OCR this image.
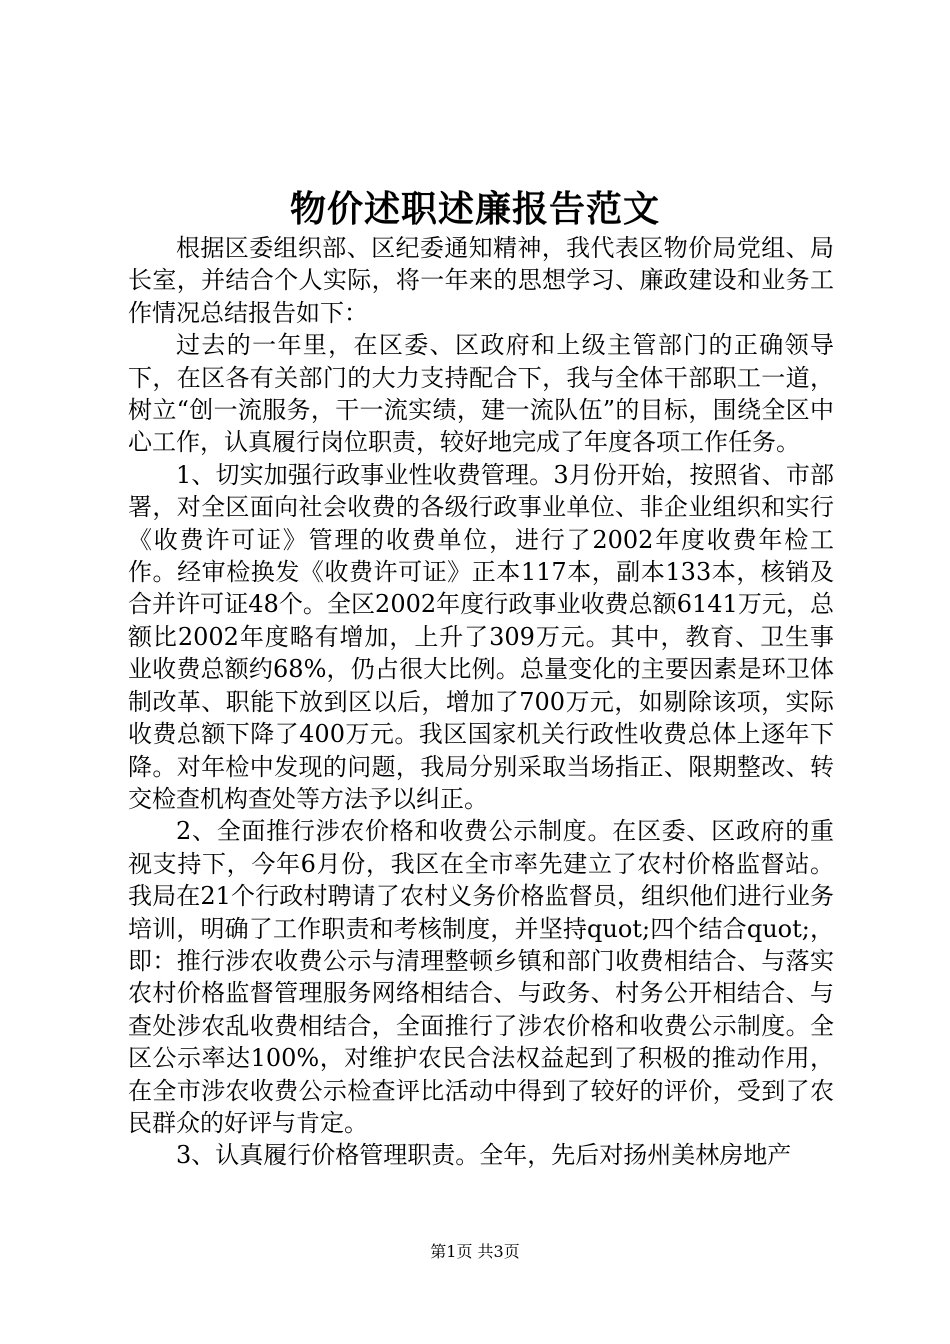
物价述职述廉报告范文

根据区委组织部、区纪委通知精神，我代表区物价局党组、局长室，并结合个人实际，将一年来的思想学习、廉政建设和业务工作情况总结报告如下：

过去的一年里，在区委、区政府和上级主管部门的正确领导下，在区各有关部门的大力支持配合下，我与全体干部职工一道，树立“创一流服务，干一流实绩，建一流队伍”的目标，围绕全区中心工作，认真履行岗位职责，较好地完成了年度各项工作任务。

1、切实加强行政事业性收费管理。3月份开始，按照省、市部署，对全区面向社会收费的各级行政事业单位、非企业组织和实行《收费许可证》管理的收费单位，进行了2002年度收费年检工作。经审检换发《收费许可证》正本117本，副本133本，核销及合并许可证48个。全区2002年度行政事业收费总额6141万元，总额比2002年度略有增加，上升了309万元。其中，教育、卫生事业收费总额约68%，仍占很大比例。总量变化的主要因素是环卫体制改革、职能下放到区以后，增加了700万元，如剔除该项，实际收费总额下降了400万元。我区国家机关行政性收费总体上逐年下降。对年检中发现的问题，我局分别采取当场指正、限期整改、转交检查机构查处等方法予以纠正。

2、全面推行涉农价格和收费公示制度。在区委、区政府的重视支持下，今年6月份，我区在全市率先建立了农村价格监督站。我局在21个行政村聘请了农村义务价格监督员，组织他们进行业务培训，明确了工作职责和考核制度，并坚持quot;四个结合quot;，即：推行涉农收费公示与清理整顿乡镇和部门收费相结合、与落实农村价格监督管理服务网络相结合、与政务、村务公开相结合、与查处涉农乱收费相结合，全面推行了涉农价格和收费公示制度。全区公示率达100%，对维护农民合法权益起到了积极的推动作用，在全市涉农收费公示检查评比活动中得到了较好的评价，受到了农民群众的好评与肯定。

3、认真履行价格管理职责。全年，先后对扬州美林房地产

第1页 共3页
